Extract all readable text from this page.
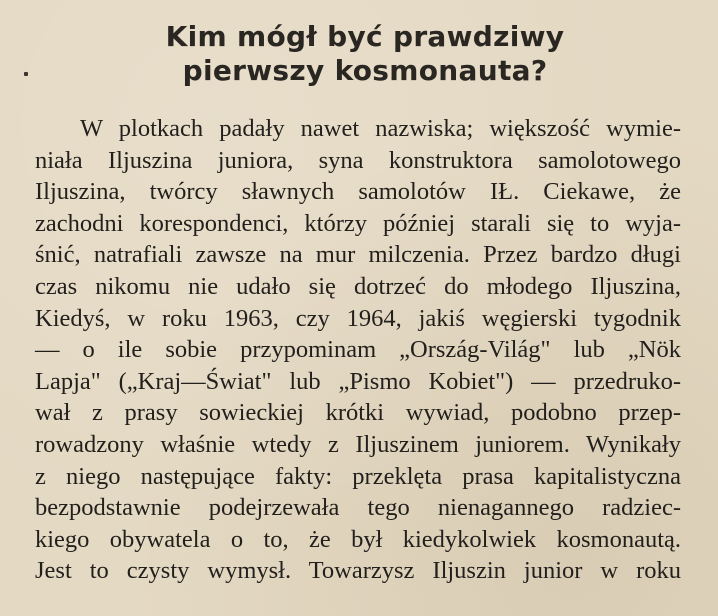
Kim mógł być prawdziwy
pierwszy kosmonauta?
W plotkach padały nawet nazwiska; większość wymie-
niała Iljuszina juniora, syna konstruktora samolotowego
Iljuszina, twórcy sławnych samolotów IŁ. Ciekawe, że
zachodni korespondenci, którzy później starali się to wyja-
śnić, natrafiali zawsze na mur milczenia. Przez bardzo długi
czas nikomu nie udało się dotrzeć do młodego Iljuszina,
Kiedyś, w roku 1963, czy 1964, jakiś węgierski tygodnik
— o ile sobie przypominam „Ország-Világ" lub „Nök
Lapja" („Kraj—Świat" lub „Pismo Kobiet") — przedruko-
wał z prasy sowieckiej krótki wywiad, podobno przep-
rowadzony właśnie wtedy z Iljuszinem juniorem. Wynikały
z niego następujące fakty: przeklęta prasa kapitalistyczna
bezpodstawnie podejrzewała tego nienagannego radziec-
kiego obywatela o to, że był kiedykolwiek kosmonautą.
Jest to czysty wymysł. Towarzysz Iljuszin junior w roku
